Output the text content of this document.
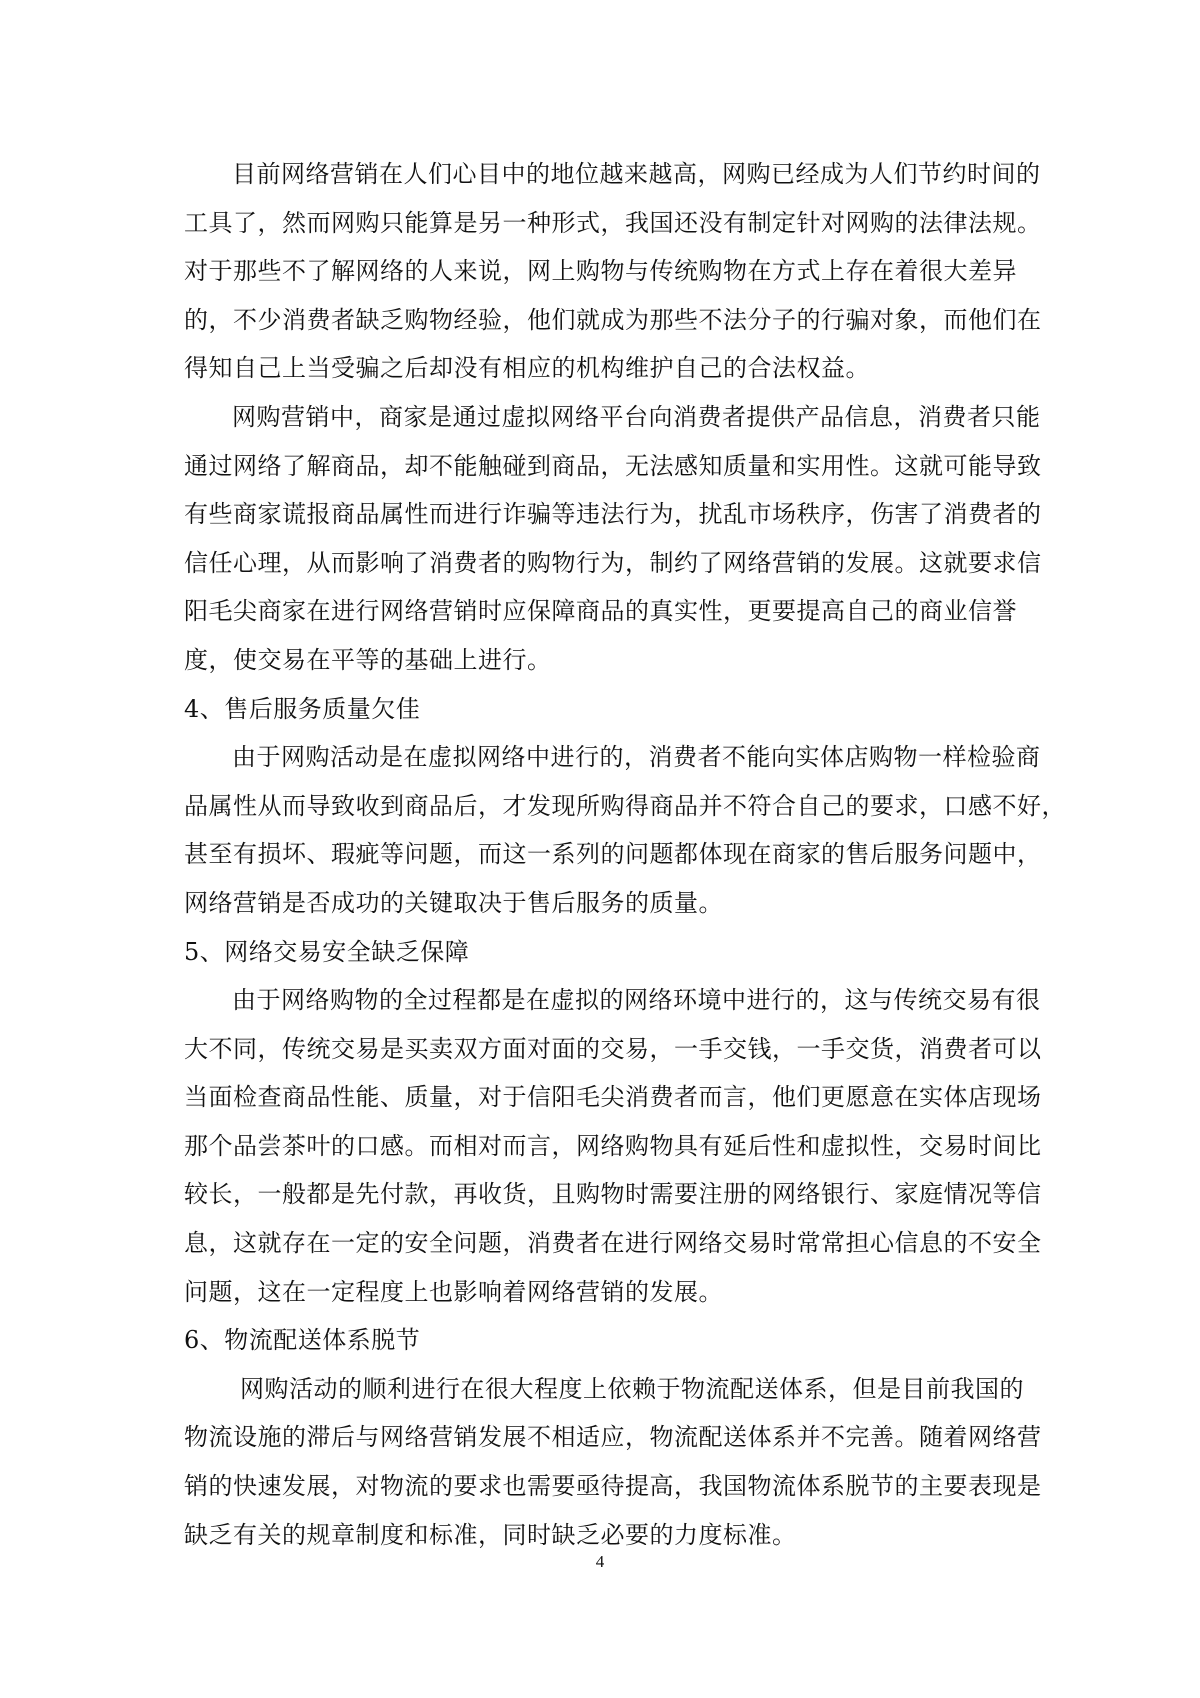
目前网络营销在人们心目中的地位越来越高，网购已经成为人们节约时间的
工具了，然而网购只能算是另一种形式，我国还没有制定针对网购的法律法规。
对于那些不了解网络的人来说，网上购物与传统购物在方式上存在着很大差异
的，不少消费者缺乏购物经验，他们就成为那些不法分子的行骗对象，而他们在
得知自己上当受骗之后却没有相应的机构维护自己的合法权益。
网购营销中，商家是通过虚拟网络平台向消费者提供产品信息，消费者只能
通过网络了解商品，却不能触碰到商品，无法感知质量和实用性。这就可能导致
有些商家谎报商品属性而进行诈骗等违法行为，扰乱市场秩序，伤害了消费者的
信任心理，从而影响了消费者的购物行为，制约了网络营销的发展。这就要求信
阳毛尖商家在进行网络营销时应保障商品的真实性，更要提高自己的商业信誉
度，使交易在平等的基础上进行。
4、售后服务质量欠佳
由于网购活动是在虚拟网络中进行的，消费者不能向实体店购物一样检验商
品属性从而导致收到商品后，才发现所购得商品并不符合自己的要求，口感不好，
甚至有损坏、瑕疵等问题，而这一系列的问题都体现在商家的售后服务问题中，
网络营销是否成功的关键取决于售后服务的质量。
5、网络交易安全缺乏保障
由于网络购物的全过程都是在虚拟的网络环境中进行的，这与传统交易有很
大不同，传统交易是买卖双方面对面的交易，一手交钱，一手交货，消费者可以
当面检查商品性能、质量，对于信阳毛尖消费者而言，他们更愿意在实体店现场
那个品尝茶叶的口感。而相对而言，网络购物具有延后性和虚拟性，交易时间比
较长，一般都是先付款，再收货，且购物时需要注册的网络银行、家庭情况等信
息，这就存在一定的安全问题，消费者在进行网络交易时常常担心信息的不安全
问题，这在一定程度上也影响着网络营销的发展。
6、物流配送体系脱节
网购活动的顺利进行在很大程度上依赖于物流配送体系，但是目前我国的
物流设施的滞后与网络营销发展不相适应，物流配送体系并不完善。随着网络营
销的快速发展，对物流的要求也需要亟待提高，我国物流体系脱节的主要表现是
缺乏有关的规章制度和标准，同时缺乏必要的力度标准。
4
